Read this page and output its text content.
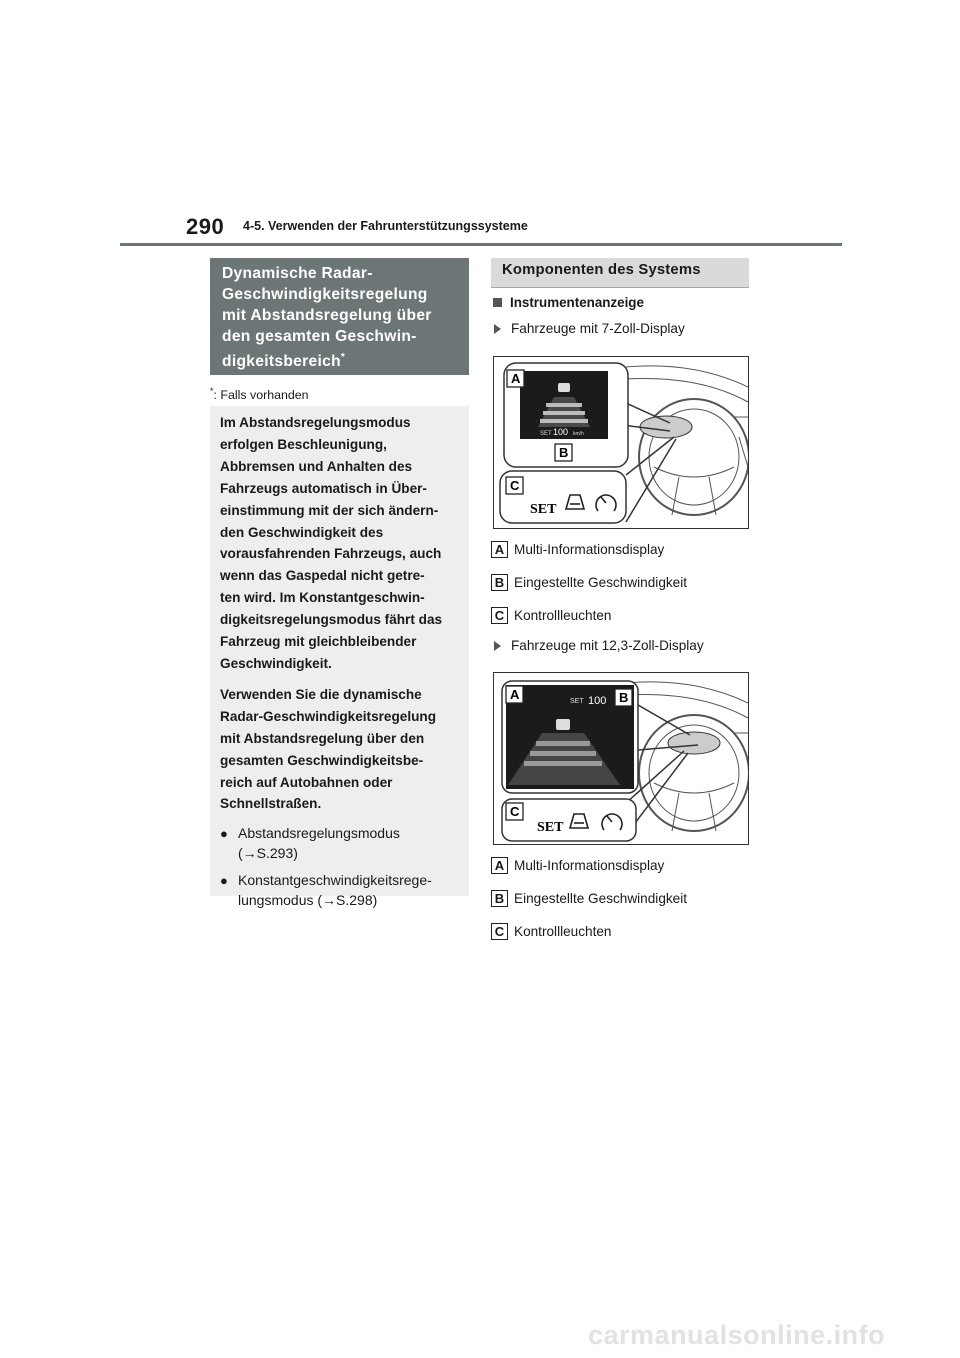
290 4-5. Verwenden der Fahrunterstützungssysteme
Dynamische Radar-
Geschwindigkeitsregelung
mit Abstandsregelung über
den gesamten Geschwin-
digkeitsbereich*
*: Falls vorhanden

Im Abstandsregelungsmodus
erfolgen Beschleunigung,
Abbremsen und Anhalten des
Fahrzeugs automatisch in Über-
einstimmung mit der sich ändern-
den Geschwindigkeit des
vorausfahrenden Fahrzeugs, auch
wenn das Gaspedal nicht getre-
ten wird. Im Konstantgeschwin-
digkeitsregelungsmodus fährt das
Fahrzeug mit gleichbleibender
Geschwindigkeit.

Verwenden Sie die dynamische
Radar-Geschwindigkeitsregelung
mit Abstandsregelung über den
gesamten Geschwindigkeitsbe-
reich auf Autobahnen oder
Schnellstraßen.

● Abstandsregelungsmodus
(→S.293)
● Konstantgeschwindigkeitsrege-
lungsmodus (→S.298)
Komponenten des Systems
Instrumentenanzeige
Fahrzeuge mit 7-Zoll-Display
SET 100 km/h
A
B
C
SET
A Multi-Informationsdisplay
B Eingestellte Geschwindigkeit
C Kontrollleuchten
Fahrzeuge mit 12,3-Zoll-Display
SET 100
A	B
C
SET
A Multi-Informationsdisplay
B Eingestellte Geschwindigkeit
C Kontrollleuchten
carmanualsonline.info
